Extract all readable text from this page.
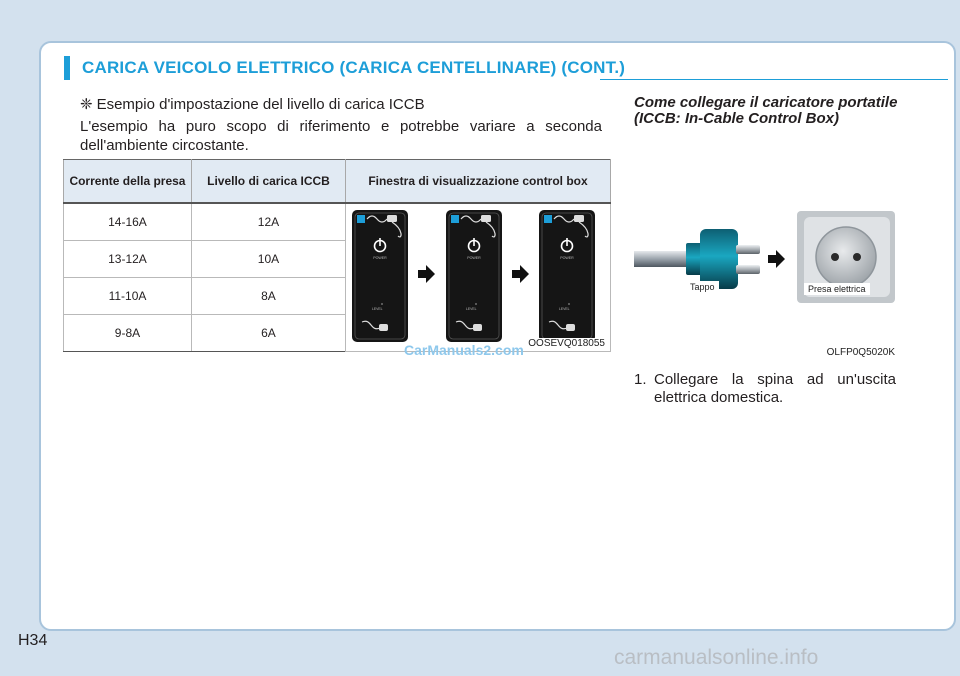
CARICA VEICOLO ELETTRICO (CARICA CENTELLINARE) (CONT.)
❈ Esempio d'impostazione del livello di carica ICCB
L'esempio ha puro scopo di riferimento e potrebbe variare a seconda dell'ambiente circostante.
Corrente della presa	Livello di carica ICCB	Finestra di visualizzazione control box
14-16A	12A	OOSEVQ018055

13-12A	10A	
11-10A	8A	
9-8A	6A	
CarManuals2.com
Come collegare il caricatore portatile (ICCB: In-Cable Control Box)
Tappo	Presa elettrica
OLFP0Q5020K
1. Collegare la spina ad un'uscita elettrica domestica.
H34
carmanualsonline.info
